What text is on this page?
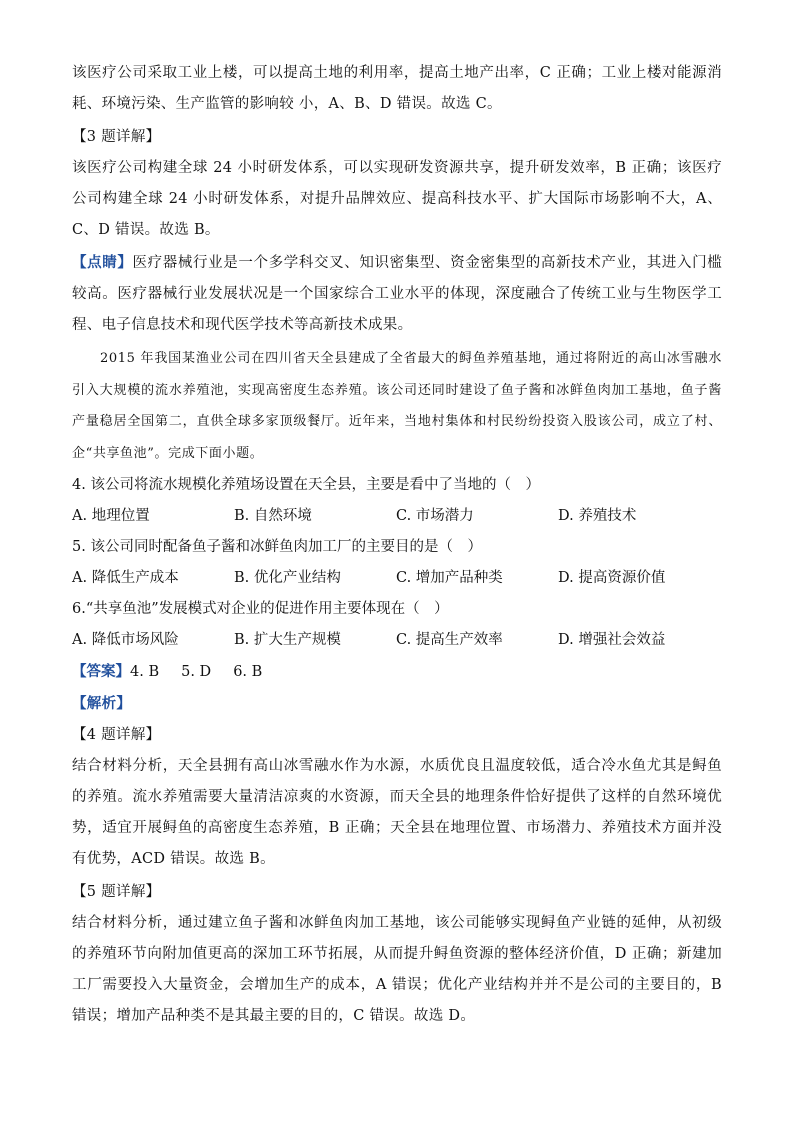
该医疗公司采取工业上楼，可以提高土地的利用率，提高土地产出率，C 正确；工业上楼对能源消耗、环境污染、生产监管的影响较 小，A、B、D 错误。故选 C。

【3 题详解】

该医疗公司构建全球 24 小时研发体系，可以实现研发资源共享，提升研发效率，B 正确；该医疗公司构建全球 24 小时研发体系，对提升品牌效应、提高科技水平、扩大国际市场影响不大，A、C、D 错误。故选 B。

【点睛】医疗器械行业是一个多学科交叉、知识密集型、资金密集型的高新技术产业，其进入门槛较高。医疗器械行业发展状况是一个国家综合工业水平的体现，深度融合了传统工业与生物医学工程、电子信息技术和现代医学技术等高新技术成果。

2015 年我国某渔业公司在四川省天全县建成了全省最大的鲟鱼养殖基地，通过将附近的高山冰雪融水引入大规模的流水养殖池，实现高密度生态养殖。该公司还同时建设了鱼子酱和冰鲜鱼肉加工基地，鱼子酱产量稳居全国第二，直供全球多家顶级餐厅。近年来，当地村集体和村民纷纷投资入股该公司，成立了村、企“共享鱼池”。完成下面小题。

4. 该公司将流水规模化养殖场设置在天全县，主要是看中了当地的（　）

A. 地理位置	B. 自然环境	C. 市场潜力	D. 养殖技术

5. 该公司同时配备鱼子酱和冰鲜鱼肉加工厂的主要目的是（　）

A. 降低生产成本	B. 优化产业结构	C. 增加产品种类	D. 提高资源价值

6.“共享鱼池”发展模式对企业的促进作用主要体现在（　）

A. 降低市场风险	B. 扩大生产规模	C. 提高生产效率	D. 增强社会效益
【答案】4. B 5. D 6. B

【解析】

【4 题详解】

结合材料分析，天全县拥有高山冰雪融水作为水源，水质优良且温度较低，适合冷水鱼尤其是鲟鱼的养殖。流水养殖需要大量清洁凉爽的水资源，而天全县的地理条件恰好提供了这样的自然环境优势，适宜开展鲟鱼的高密度生态养殖，B 正确；天全县在地理位置、市场潜力、养殖技术方面并没有优势，ACD 错误。故选 B。

【5 题详解】

结合材料分析，通过建立鱼子酱和冰鲜鱼肉加工基地，该公司能够实现鲟鱼产业链的延伸，从初级的养殖环节向附加值更高的深加工环节拓展，从而提升鲟鱼资源的整体经济价值，D 正确；新建加工厂需要投入大量资金，会增加生产的成本，A 错误；优化产业结构并并不是公司的主要目的，B 错误；增加产品种类不是其最主要的目的，C 错误。故选 D。
